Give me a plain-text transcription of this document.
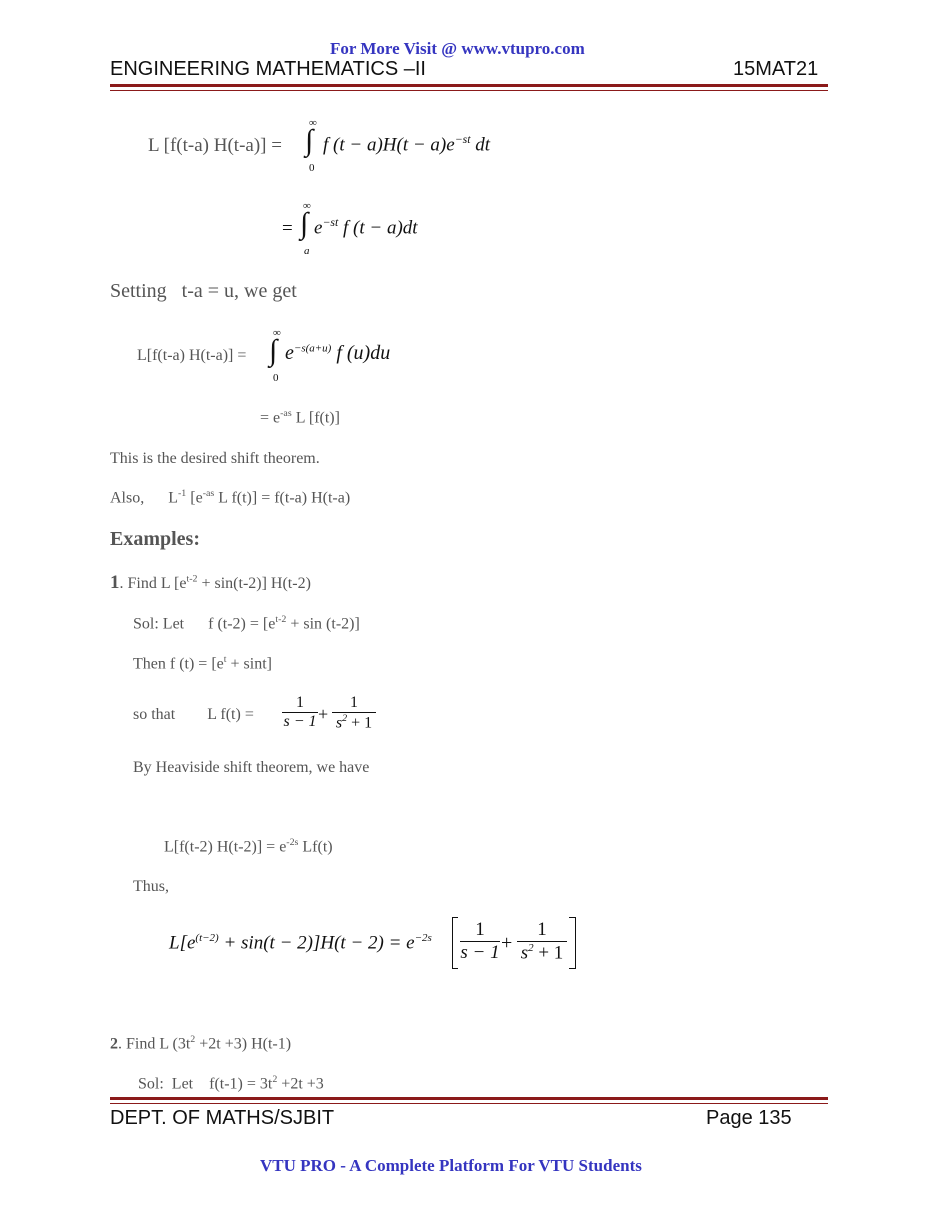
For More Visit @ www.vtupro.com
ENGINEERING MATHEMATICS –II	15MAT21
L [f(t-a) H(t-a)] =
∞
∫
0
f $(t - a)H(t - a)e^{-st}$ dt
=
∞
∫
a
$e^{-st}$ f (t − a)dt
Setting   t-a = u, we get
L[f(t-a) H(t-a)] =
∞
∫
0
$e^{-s(a+u)}$ f (u)du
= $e^{-as}$ L [f(t)]
This is the desired shift theorem.
Also,      $L^{-1}$ [$e^{-as}$ L f(t)] = f(t-a) H(t-a)
Examples:
1. Find L $[e^{t-2} + \sin(t-2)]$ H(t-2)
Sol: Let      f $(t-2) = [e^{t-2} + \sin (t-2)]$
Then f $(t) = [e^t + \sin t]$
so that        L $f(t) = \frac{1}{s - 1} + \frac{1}{s^2 + 1}$
By Heaviside shift theorem, we have
L[f(t-2) $H(t-2)] = e^{-2s}$ Lf(t)
Thus,
$L[e^{(t-2)} + \sin(t - 2)]H(t - 2) = e^{-2s} \frac{1}{s - 1} + \frac{1}{s^2 + 1}$
2. Find L $(3t^2 +2t +3)$ H(t-1)
Sol:  Let    $f(t-1) = 3t^2 +2t +3$
DEPT. OF MATHS/SJBIT	Page 135
VTU PRO - A Complete Platform For VTU Students
